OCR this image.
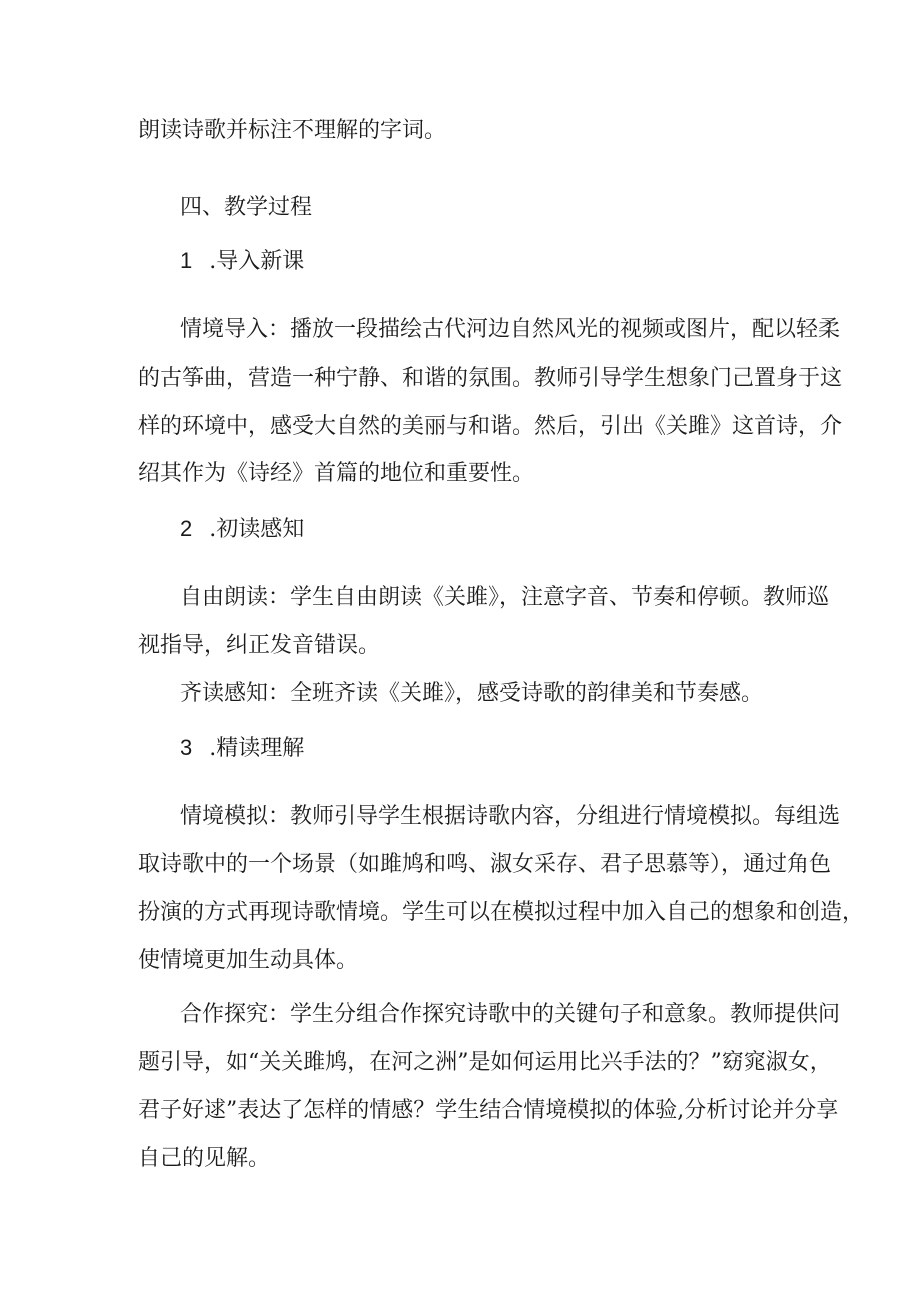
朗读诗歌并标注不理解的字词。
四、教学过程
1 .导入新课
情境导入：播放一段描绘古代河边自然风光的视频或图片，配以轻柔
的古筝曲，营造一种宁静、和谐的氛围。教师引导学生想象门己置身于这
样的环境中，感受大自然的美丽与和谐。然后，引出《关雎》这首诗，介
绍其作为《诗经》首篇的地位和重要性。
2 .初读感知
自由朗读：学生自由朗读《关雎》，注意字音、节奏和停顿。教师巡
视指导，纠正发音错误。
齐读感知：全班齐读《关雎》，感受诗歌的韵律美和节奏感。
3 .精读理解
情境模拟：教师引导学生根据诗歌内容，分组进行情境模拟。每组选
取诗歌中的一个场景（如雎鸠和鸣、淑女采存、君子思慕等），通过角色
扮演的方式再现诗歌情境。学生可以在模拟过程中加入自己的想象和创造，
使情境更加生动具体。
合作探究：学生分组合作探究诗歌中的关键句子和意象。教师提供问
题引导，如“关关雎鸠，在河之洲”是如何运用比兴手法的？”窈窕淑女，
君子好逑”表达了怎样的情感？学生结合情境模拟的体验,分析讨论并分享
自己的见解。
